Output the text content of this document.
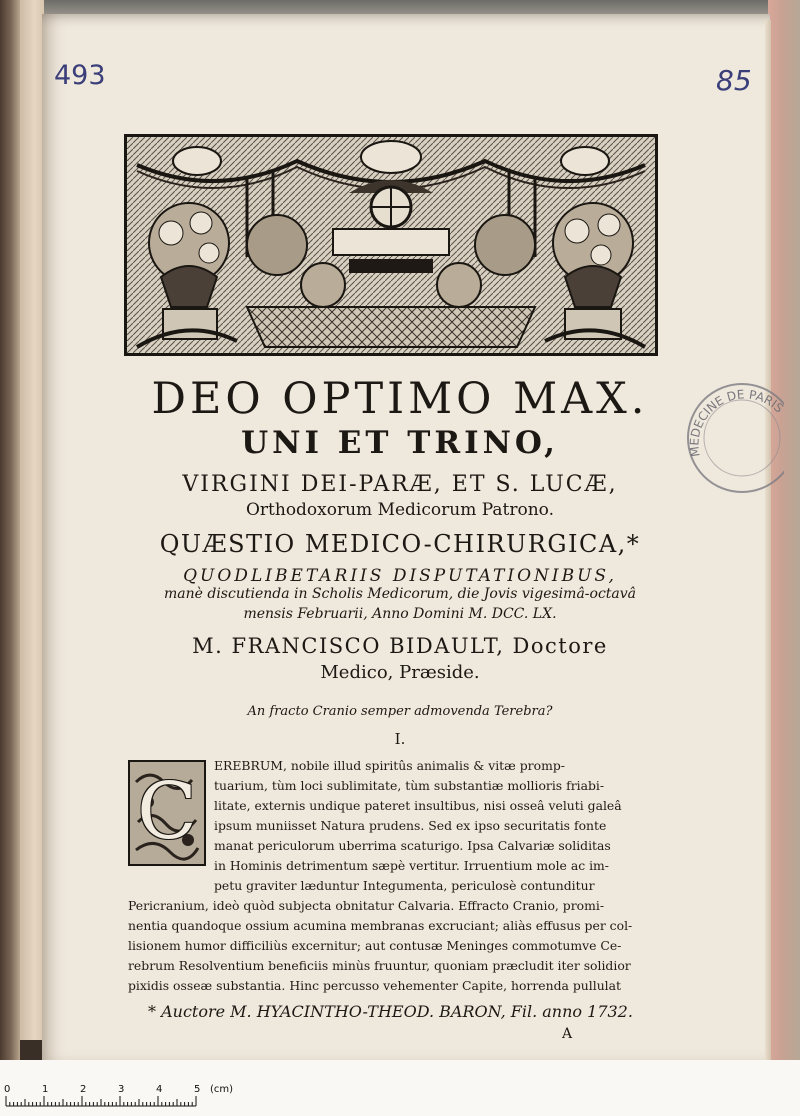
493	85
DEO OPTIMO MAX.
UNI ET TRINO,
VIRGINI DEI-PARÆ, ET S. LUCÆ,
Orthodoxorum Medicorum Patrono.
QUÆSTIO MEDICO-CHIRURGICA,*
QUODLIBETARIIS DISPUTATIONIBUS,
manè discutienda in Scholis Medicorum, die Jovis vigesimâ-octavâ
mensis Februarii, Anno Domini M. DCC. LX.
M. FRANCISCO BIDAULT, Doctore
Medico, Præside.
An fracto Cranio semper admovenda Terebra?
I.
C
EREBRUM, nobile illud spiritûs animalis & vitæ promp-
tuarium, tùm loci sublimitate, tùm substantiæ mollioris friabi-
litate, externis undique pateret insultibus, nisi osseâ veluti galeâ
ipsum muniisset Natura prudens. Sed ex ipso securitatis fonte
manat periculorum uberrima scaturigo. Ipsa Calvariæ soliditas
in Hominis detrimentum sæpè vertitur. Irruentium mole ac im-
petu graviter læduntur Integumenta, periculosè contunditur
Pericranium, ideò quòd subjecta obnitatur Calvaria. Effracto Cranio, promi-
nentia quandoque ossium acumina membranas excruciant; aliàs effusus per col-
lisionem humor difficiliùs excernitur; aut contusæ Meninges commotumve Ce-
rebrum Resolventium beneficiis minùs fruuntur, quoniam præcludit iter solidior
pixidis osseæ substantia. Hinc percusso vehementer Capite, horrenda pullulat
* Auctore M. HYACINTHO-THEOD. BARON, Fil. anno 1732.
A
MEDECINE DE PARI
0	1	2	3	4	5 (cm)
